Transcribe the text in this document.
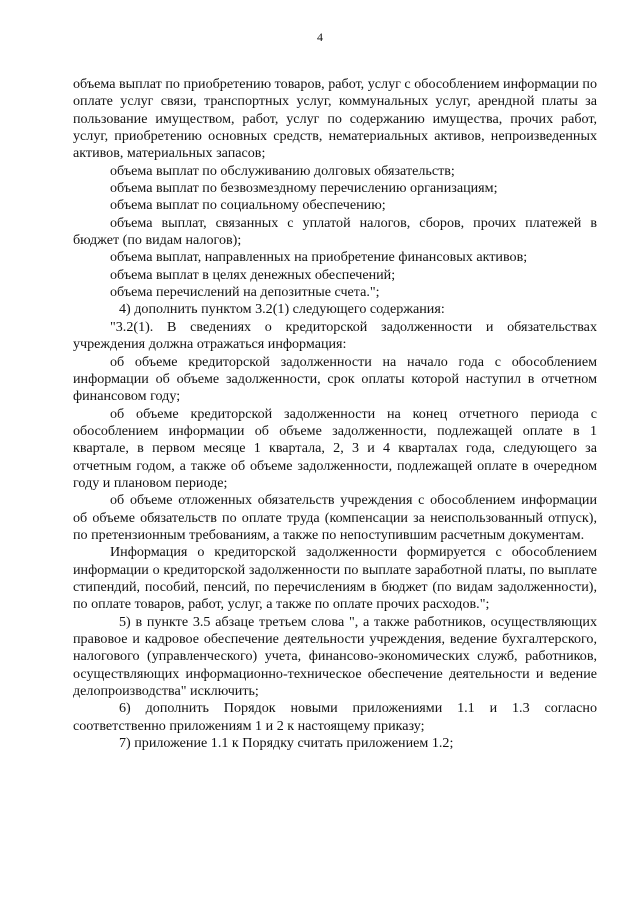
4

объема выплат по приобретению товаров, работ, услуг с обособлением информации по оплате услуг связи, транспортных услуг, коммунальных услуг, арендной платы за пользование имуществом, работ, услуг по содержанию имущества, прочих работ, услуг, приобретению основных средств, нематериальных активов, непроизведенных активов, материальных запасов;

объема выплат по обслуживанию долговых обязательств;

объема выплат по безвозмездному перечислению организациям;

объема выплат по социальному обеспечению;

объема выплат, связанных с уплатой налогов, сборов, прочих платежей в бюджет (по видам налогов);

объема выплат, направленных на приобретение финансовых активов;

объема выплат в целях денежных обеспечений;

объема перечислений на депозитные счета.";

4) дополнить пунктом 3.2(1) следующего содержания:

"3.2(1). В сведениях о кредиторской задолженности и обязательствах учреждения должна отражаться информация:

об объеме кредиторской задолженности на начало года с обособлением информации об объеме задолженности, срок оплаты которой наступил в отчетном финансовом году;

об объеме кредиторской задолженности на конец отчетного периода с обособлением информации об объеме задолженности, подлежащей оплате в 1 квартале, в первом месяце 1 квартала, 2, 3 и 4 кварталах года, следующего за отчетным годом, а также об объеме задолженности, подлежащей оплате в очередном году и плановом периоде;

об объеме отложенных обязательств учреждения с обособлением информации об объеме обязательств по оплате труда (компенсации за неиспользованный отпуск), по претензионным требованиям, а также по непоступившим расчетным документам.

Информация о кредиторской задолженности формируется с обособлением информации о кредиторской задолженности по выплате заработной платы, по выплате стипендий, пособий, пенсий, по перечислениям в бюджет (по видам задолженности), по оплате товаров, работ, услуг, а также по оплате прочих расходов.";

5) в пункте 3.5 абзаце третьем слова ", а также работников, осуществляющих правовое и кадровое обеспечение деятельности учреждения, ведение бухгалтерского, налогового (управленческого) учета, финансово-экономических служб, работников, осуществляющих информационно-техническое обеспечение деятельности и ведение делопроизводства" исключить;

6) дополнить Порядок новыми приложениями 1.1 и 1.3 согласно соответственно приложениям 1 и 2 к настоящему приказу;

7) приложение 1.1 к Порядку считать приложением 1.2;
